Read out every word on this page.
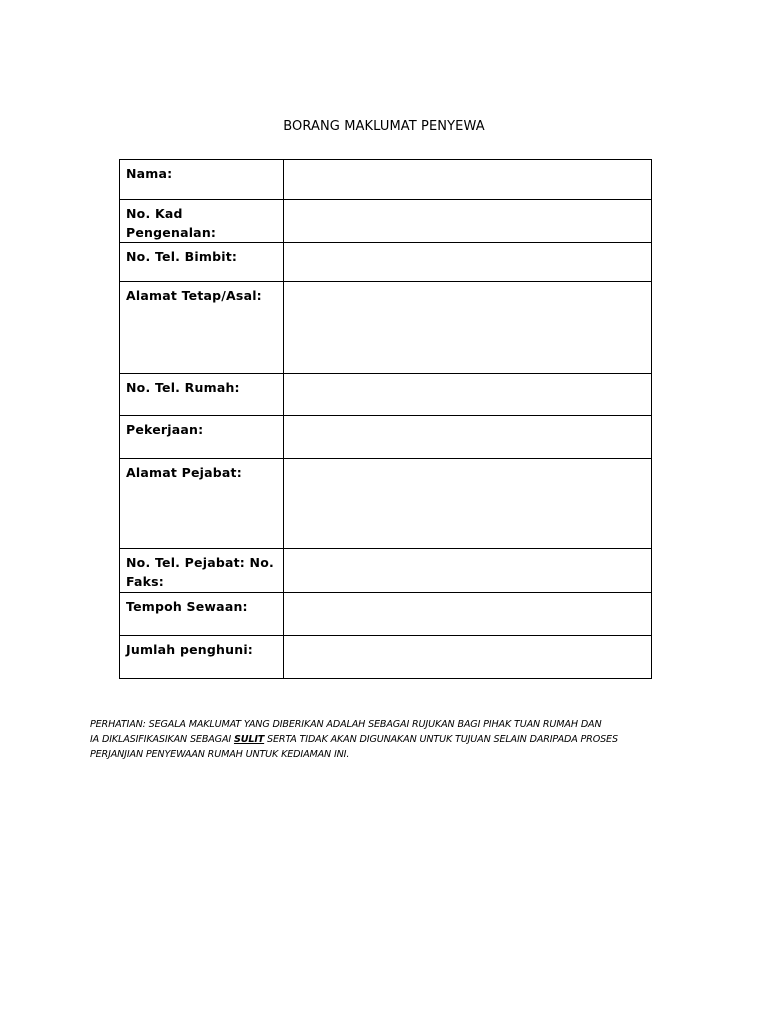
BORANG MAKLUMAT PENYEWA
Nama:	

No. Kad Pengenalan:	

No. Tel. Bimbit:	

Alamat Tetap/Asal:	

No. Tel. Rumah:	

Pekerjaan:	

Alamat Pejabat:	

No. Tel. Pejabat: No. Faks:	

Tempoh Sewaan:	

Jumlah penghuni:	
PERHATIAN: SEGALA MAKLUMAT YANG DIBERIKAN ADALAH SEBAGAI RUJUKAN BAGI PIHAK TUAN RUMAH DAN
IA DIKLASIFIKASIKAN SEBAGAI SULIT SERTA TIDAK AKAN DIGUNAKAN UNTUK TUJUAN SELAIN DARIPADA PROSES
PERJANJIAN PENYEWAAN RUMAH UNTUK KEDIAMAN INI.
